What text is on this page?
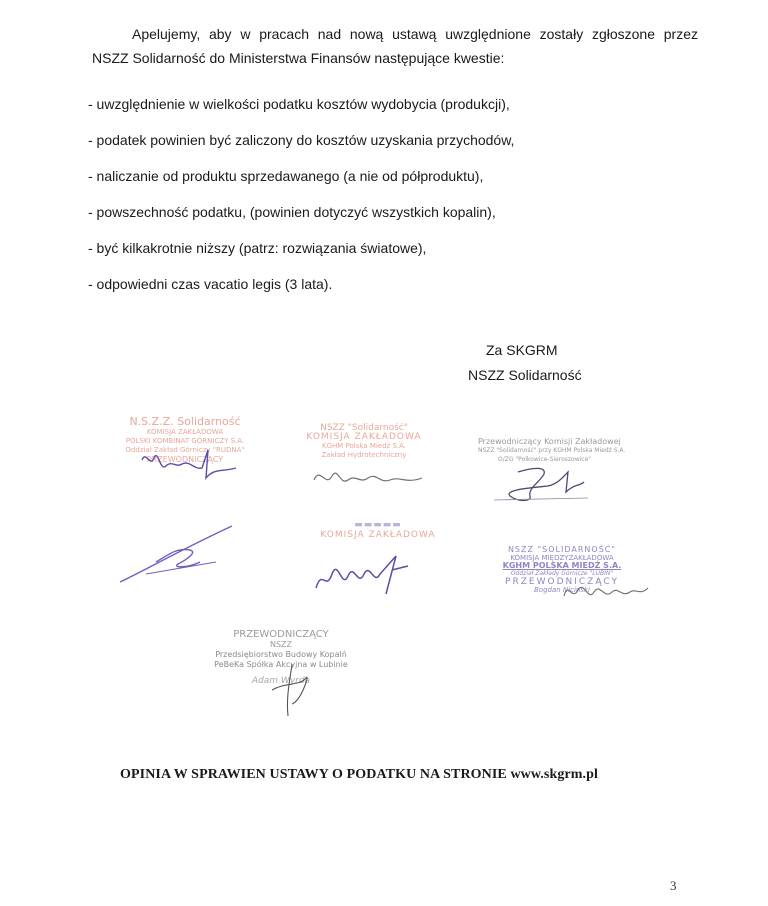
Apelujemy, aby w pracach nad nową ustawą uwzględnione zostały zgłoszone przez
NSZZ Solidarność do Ministerstwa Finansów następujące kwestie:
- uwzględnienie w wielkości podatku kosztów wydobycia (produkcji),
- podatek powinien być zaliczony do kosztów uzyskania przychodów,
- naliczanie od produktu sprzedawanego (a nie od półproduktu),
- powszechność podatku, (powinien dotyczyć wszystkich kopalin),
- być kilkakrotnie niższy (patrz: rozwiązania światowe),
- odpowiedni czas vacatio legis (3 lata).
Za SKGRM
NSZZ Solidarność
N.S.Z.Z. Solidarność
KOMISJA ZAKŁADOWA
POLSKI KOMBINAT GÓRNICZY S.A.
Oddział Zakład Górniczy "RUDNA"
PRZEWODNICZĄCY
NSZZ "Solidarność"
KOMISJA ZAKŁADOWA
KGHM Polska Miedź S.A.
Zakład Hydrotechniczny
Przewodniczący Komisji Zakładowej
NSZZ "Solidarność" przy KGHM Polska Miedź S.A.
O/ZG "Polkowice-Sieroszowice"
▬▬▬▬▬
KOMISJA ZAKŁADOWA
NSZZ "SOLIDARNOŚĆ"
KOMISJA MIĘDZYZAKŁADOWA
KGHM POLSKA MIEDŹ S.A.
Oddział Zakłady Górnicze "LUBIN"
PRZEWODNICZĄCY
Bogdan Nicinski
PRZEWODNICZĄCY
NSZZ
Przedsiębiorstwo Budowy Kopalń
PeBeKa Spółka Akcyjna w Lubinie
Adam Wyrda
OPINIA W SPRAWIEN USTAWY O PODATKU NA STRONIE www.skgrm.pl
3
